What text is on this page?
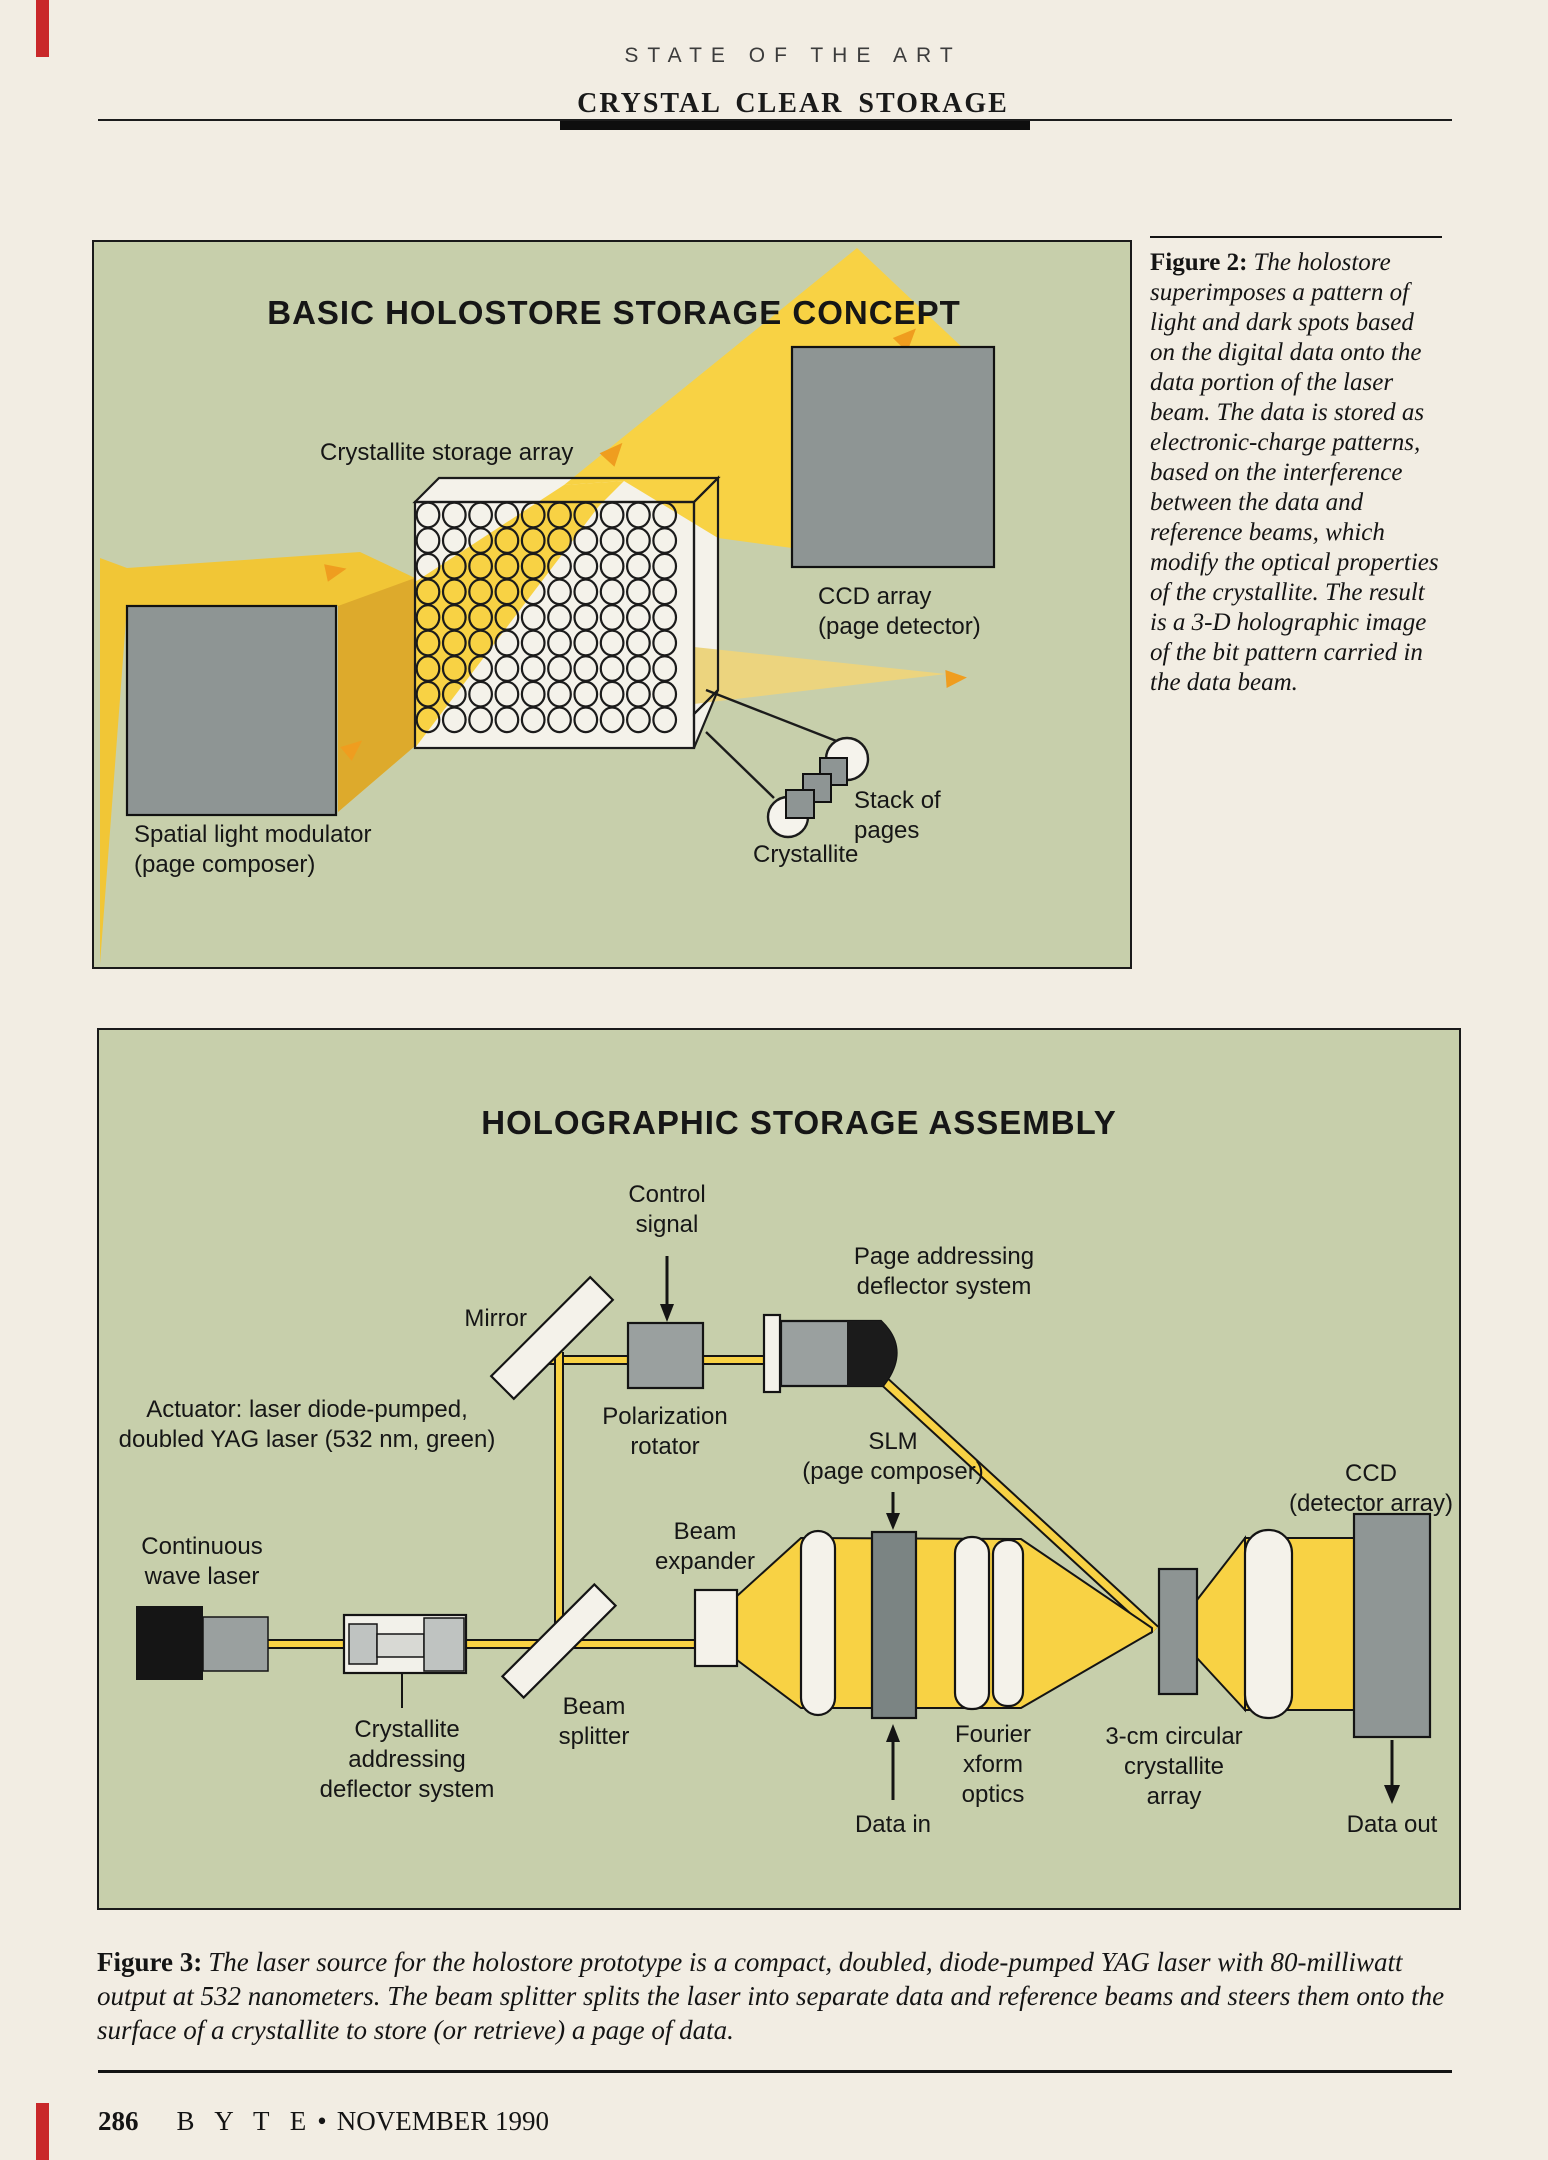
STATE OF THE ART
CRYSTAL CLEAR STORAGE
BASIC HOLOSTORE STORAGE CONCEPT
Crystallite storage array
CCD array
(page detector)
Spatial light modulator
(page composer)
Stack of
pages
Crystallite
Figure 2: The holostore superimposes a pattern of light and dark spots based on the digital data onto the data portion of the laser beam. The data is stored as electronic-charge patterns, based on the interference between the data and reference beams, which modify the optical properties of the crystallite. The result is a 3-D holographic image of the bit pattern carried in the data beam.
HOLOGRAPHIC STORAGE ASSEMBLY
Control
signal
Mirror
Polarization
rotator
Page addressing
deflector system
Actuator: laser diode-pumped,
doubled YAG laser (532 nm, green)
Continuous
wave laser
Crystallite
addressing
deflector system
Beam
splitter
Beam
expander
SLM
(page composer)
Fourier
xform
optics
Data in
3-cm circular
crystallite
array
CCD
(detector array)
Data out
Figure 3: The laser source for the holostore prototype is a compact, doubled, diode-pumped YAG laser with 80-milliwatt output at 532 nanometers. The beam splitter splits the laser into separate data and reference beams and steers them onto the surface of a crystallite to store (or retrieve) a page of data.
286 B Y T E • NOVEMBER 1990
